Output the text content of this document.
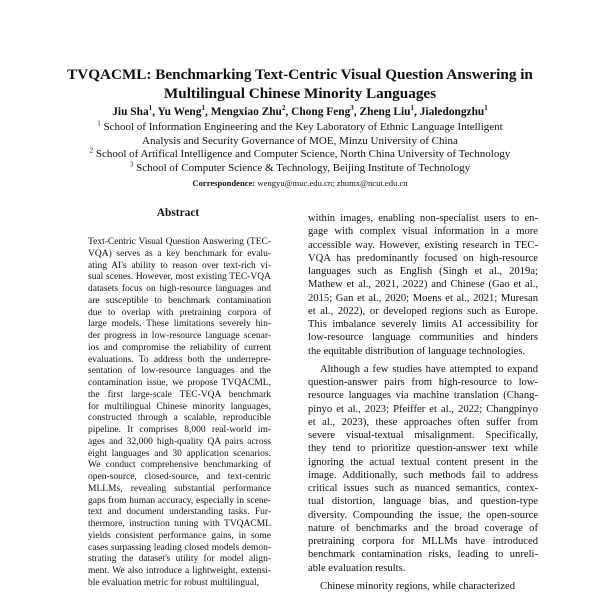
TVQACML: Benchmarking Text-Centric Visual Question Answering in
Multilingual Chinese Minority Languages
Jiu Sha$^1$, Yu Weng$^1$, Mengxiao Zhu$^2$, Chong Feng$^3$, Zheng Liu$^1$, Jialedongzhu$^1$
$^1$ School of Information Engineering and the Key Laboratory of Ethnic Language Intelligent
Analysis and Security Governance of MOE, Minzu University of China
$^2$ School of Artifical Intelligence and Computer Science, North China University of Technology
$^3$ School of Computer Science & Technology, Beijing Institute of Technology
Correspondence: wengyu@muc.edu.cn; zhumx@ncut.edu.cn
Abstract
Text-Centric Visual Question Answering (TEC-
VQA) serves as a key benchmark for evalu-
ating AI's ability to reason over text-rich vi-
sual scenes. However, most existing TEC-VQA
datasets focus on high-resource languages and
are susceptible to benchmark contamination
due to overlap with pretraining corpora of
large models. These limitations severely hin-
der progress in low-resource language scenar-
ios and compromise the reliability of current
evaluations. To address both the underrepre-
sentation of low-resource languages and the
contamination issue, we propose TVQACML,
the first large-scale TEC-VQA benchmark
for multilingual Chinese minority languages,
constructed through a scalable, reproducible
pipeline. It comprises 8,000 real-world im-
ages and 32,000 high-quality QA pairs across
eight languages and 30 application scenarios.
We conduct comprehensive benchmarking of
open-source, closed-source, and text-centric
MLLMs, revealing substantial performance
gaps from human accuracy, especially in scene-
text and document understanding tasks. Fur-
thermore, instruction tuning with TVQACML
yields consistent performance gains, in some
cases surpassing leading closed models demon-
strating the dataset's utility for model align-
ment. We also introduce a lightweight, extensi-
ble evaluation metric for robust multilingual,
within images, enabling non-specialist users to en-
gage with complex visual information in a more
accessible way. However, existing research in TEC-
VQA has predominantly focused on high-resource
languages such as English (Singh et al., 2019a;
Mathew et al., 2021, 2022) and Chinese (Gao et al.,
2015; Gan et al., 2020; Moens et al., 2021; Muresan
et al., 2022), or developed regions such as Europe.
This imbalance severely limits AI accessibility for
low-resource language communities and hinders
the equitable distribution of language technologies.
Although a few studies have attempted to expand
question-answer pairs from high-resource to low-
resource languages via machine translation (Chang-
pinyo et al., 2023; Pfeiffer et al., 2022; Changpinyo
et al., 2023), these approaches often suffer from
severe visual-textual misalignment. Specifically,
they tend to prioritize question-answer text while
ignoring the actual textual content present in the
image. Additionally, such methods fail to address
critical issues such as nuanced semantics, contex-
tual distortion, language bias, and question-type
diversity. Compounding the issue, the open-source
nature of benchmarks and the broad coverage of
pretraining corpora for MLLMs have introduced
benchmark contamination risks, leading to unreli-
able evaluation results.
Chinese minority regions, while characterized
